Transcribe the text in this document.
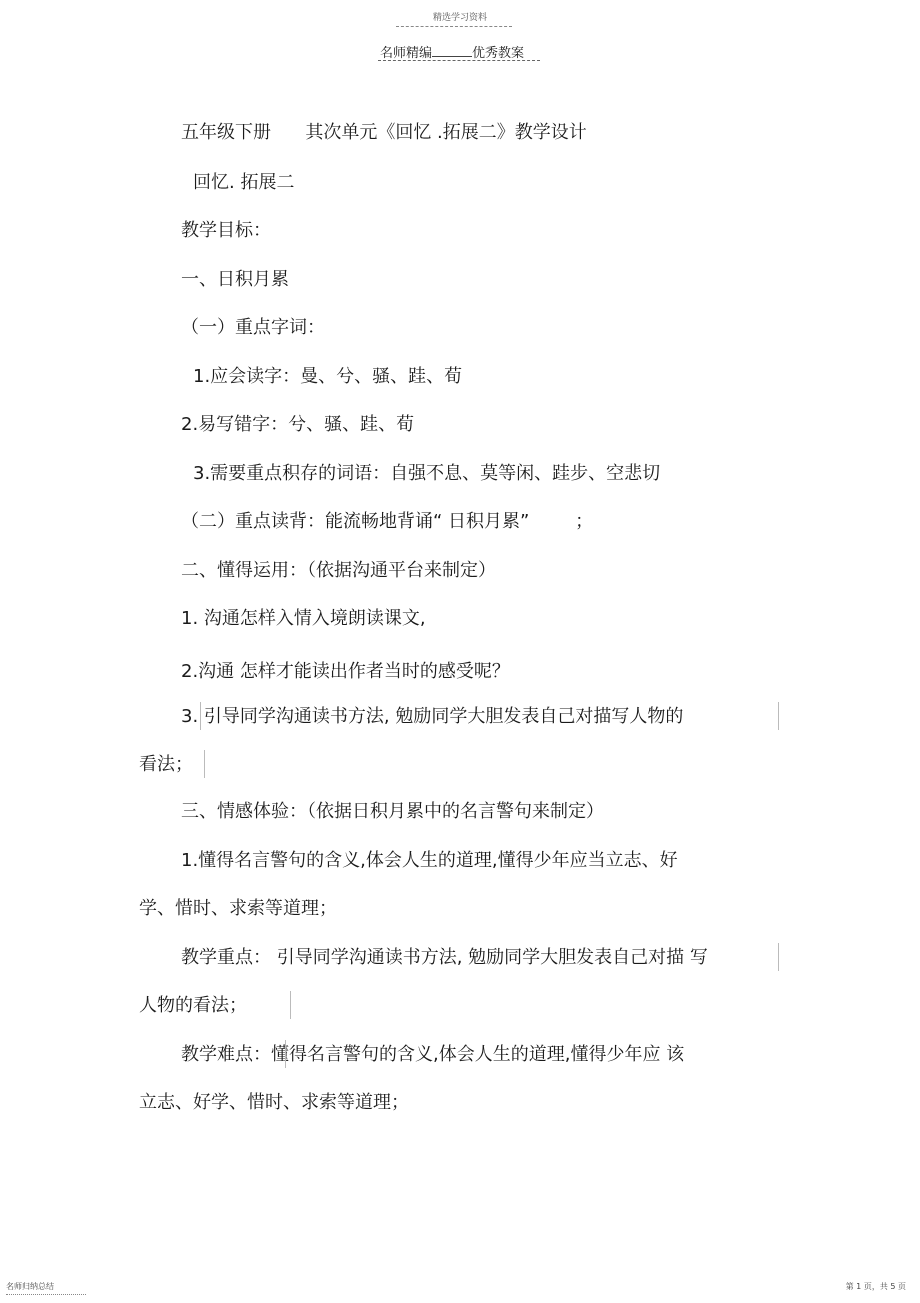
精选学习资料
名师精编	优秀教案
五年级下册      其次单元《回忆 .拓展二》教学设计
回忆. 拓展二
教学目标：
一、日积月累
（一）重点字词：
1.应会读字：曼、兮、骚、跬、荀
2.易写错字：兮、骚、跬、荀
3.需要重点积存的词语：自强不息、莫等闲、跬步、空悲切
（二）重点读背：能流畅地背诵“ 日积月累”        ；
二、懂得运用：（依据沟通平台来制定）
1. 沟通怎样入情入境朗读课文,
2.沟通 怎样才能读出作者当时的感受呢？
3. 引导同学沟通读书方法, 勉励同学大胆发表自己对描写人物的
看法；
三、情感体验：（依据日积月累中的名言警句来制定）
1.懂得名言警句的含义,体会人生的道理,懂得少年应当立志、好
学、惜时、求索等道理；
教学重点： 引导同学沟通读书方法, 勉励同学大胆发表自己对描 写
人物的看法；
教学难点：懂得名言警句的含义,体会人生的道理,懂得少年应 该
立志、好学、惜时、求索等道理；
名师归纳总结	第 1 页，共 5 页
